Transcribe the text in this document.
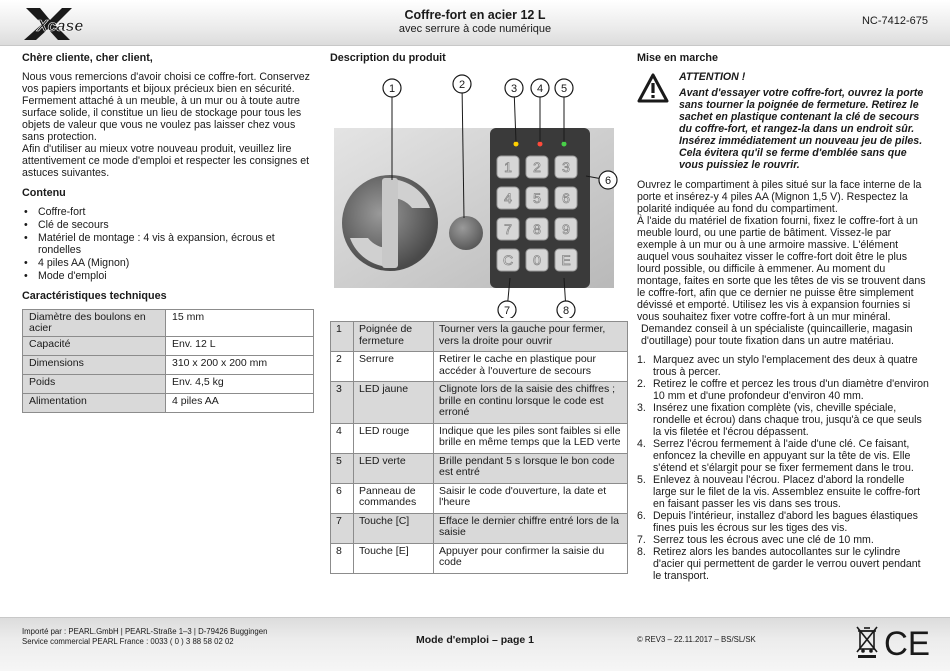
Xcase
Coffre-fort en acier 12 L
avec serrure à code numérique
NC-7412-675
Chère cliente, cher client,

Nous vous remercions d'avoir choisi ce coffre-fort. Conservez vos papiers importants et bijoux précieux bien en sécurité. Fermement attaché à un meuble, à un mur ou à toute autre surface solide, il constitue un lieu de stockage pour tous les objets de valeur que vous ne voulez pas laisser chez vous sans protection.

Afin d'utiliser au mieux votre nouveau produit, veuillez lire attentivement ce mode d'emploi et respecter les consignes et astuces suivantes.

Contenu
• Coffre-fort
• Clé de secours
• Matériel de montage : 4 vis à expansion, écrous et rondelles
• 4 piles AA (Mignon)
• Mode d'emploi
Caractéristiques techniques
Diamètre des boulons en acier	15 mm
Capacité	Env. 12 L
Dimensions	310 x 200 x 200 mm
Poids	Env. 4,5 kg
Alimentation	4 piles AA
Description du produit
1 2 3
4 5 6
7 8 9
C 0 E
1	2	3 4 5
6
7	8
1	Poignée de fermeture	Tourner vers la gauche pour fermer, vers la droite pour ouvrir
2	Serrure	Retirer le cache en plastique pour accéder à l'ouverture de secours
3	LED jaune	Clignote lors de la saisie des chiffres ; brille en continu lorsque le code est erroné
4	LED rouge	Indique que les piles sont faibles si elle brille en même temps que la LED verte
5	LED verte	Brille pendant 5 s lorsque le bon code est entré
6	Panneau de commandes	Saisir le code d'ouverture, la date et l'heure
7	Touche [C]	Efface le dernier chiffre entré lors de la saisie
8	Touche [E]	Appuyer pour confirmer la saisie du code
Mise en marche
ATTENTION !
Avant d'essayer votre coffre-fort, ouvrez la porte sans tourner la poignée de fermeture. Retirez le sachet en plastique contenant la clé de secours du coffre-fort, et rangez-la dans un endroit sûr. Insérez immédiatement un nouveau jeu de piles. Cela évitera qu'il se ferme d'emblée sans que vous puissiez le rouvrir.

Ouvrez le compartiment à piles situé sur la face interne de la porte et insérez-y 4 piles AA (Mignon 1,5 V). Respectez la polarité indiquée au fond du compartiment.

À l'aide du matériel de fixation fourni, fixez le coffre-fort à un meuble lourd, ou une partie de bâtiment. Vissez-le par exemple à un mur ou à une armoire massive. L'élément auquel vous souhaitez visser le coffre-fort doit être le plus lourd possible, ou difficile à emmener. Au moment du montage, faites en sorte que les têtes de vis se trouvent dans le coffre-fort, afin que ce dernier ne puisse être simplement dévissé et emporté. Utilisez les vis à expansion fournies si vous souhaitez fixer votre coffre-fort à un mur minéral.

Demandez conseil à un spécialiste (quincaillerie, magasin d'outillage) pour toute fixation dans un autre matériau.

1. Marquez avec un stylo l'emplacement des deux à quatre trous à percer.
2. Retirez le coffre et percez les trous d'un diamètre d'environ 10 mm et d'une profondeur d'environ 40 mm.
3. Insérez une fixation complète (vis, cheville spéciale, rondelle et écrou) dans chaque trou, jusqu'à ce que seuls la vis filetée et l'écrou dépassent.
4. Serrez l'écrou fermement à l'aide d'une clé. Ce faisant, enfoncez la cheville en appuyant sur la tête de vis. Elle s'étend et s'élargit pour se fixer fermement dans le trou.
5. Enlevez à nouveau l'écrou. Placez d'abord la rondelle large sur le filet de la vis. Assemblez ensuite le coffre-fort en faisant passer les vis dans ses trous.
6. Depuis l'intérieur, installez d'abord les bagues élastiques fines puis les écrous sur les tiges des vis.
7. Serrez tous les écrous avec une clé de 10 mm.
8. Retirez alors les bandes autocollantes sur le cylindre d'acier qui permettent de garder le verrou ouvert pendant le transport.
Importé par : PEARL.GmbH | PEARL-Straße 1–3 | D-79426 Buggingen
Service commercial PEARL France : 0033 ( 0 ) 3 88 58 02 02	Mode d'emploi – page 1	© REV3 – 22.11.2017 – BS/SL/SK	CE
